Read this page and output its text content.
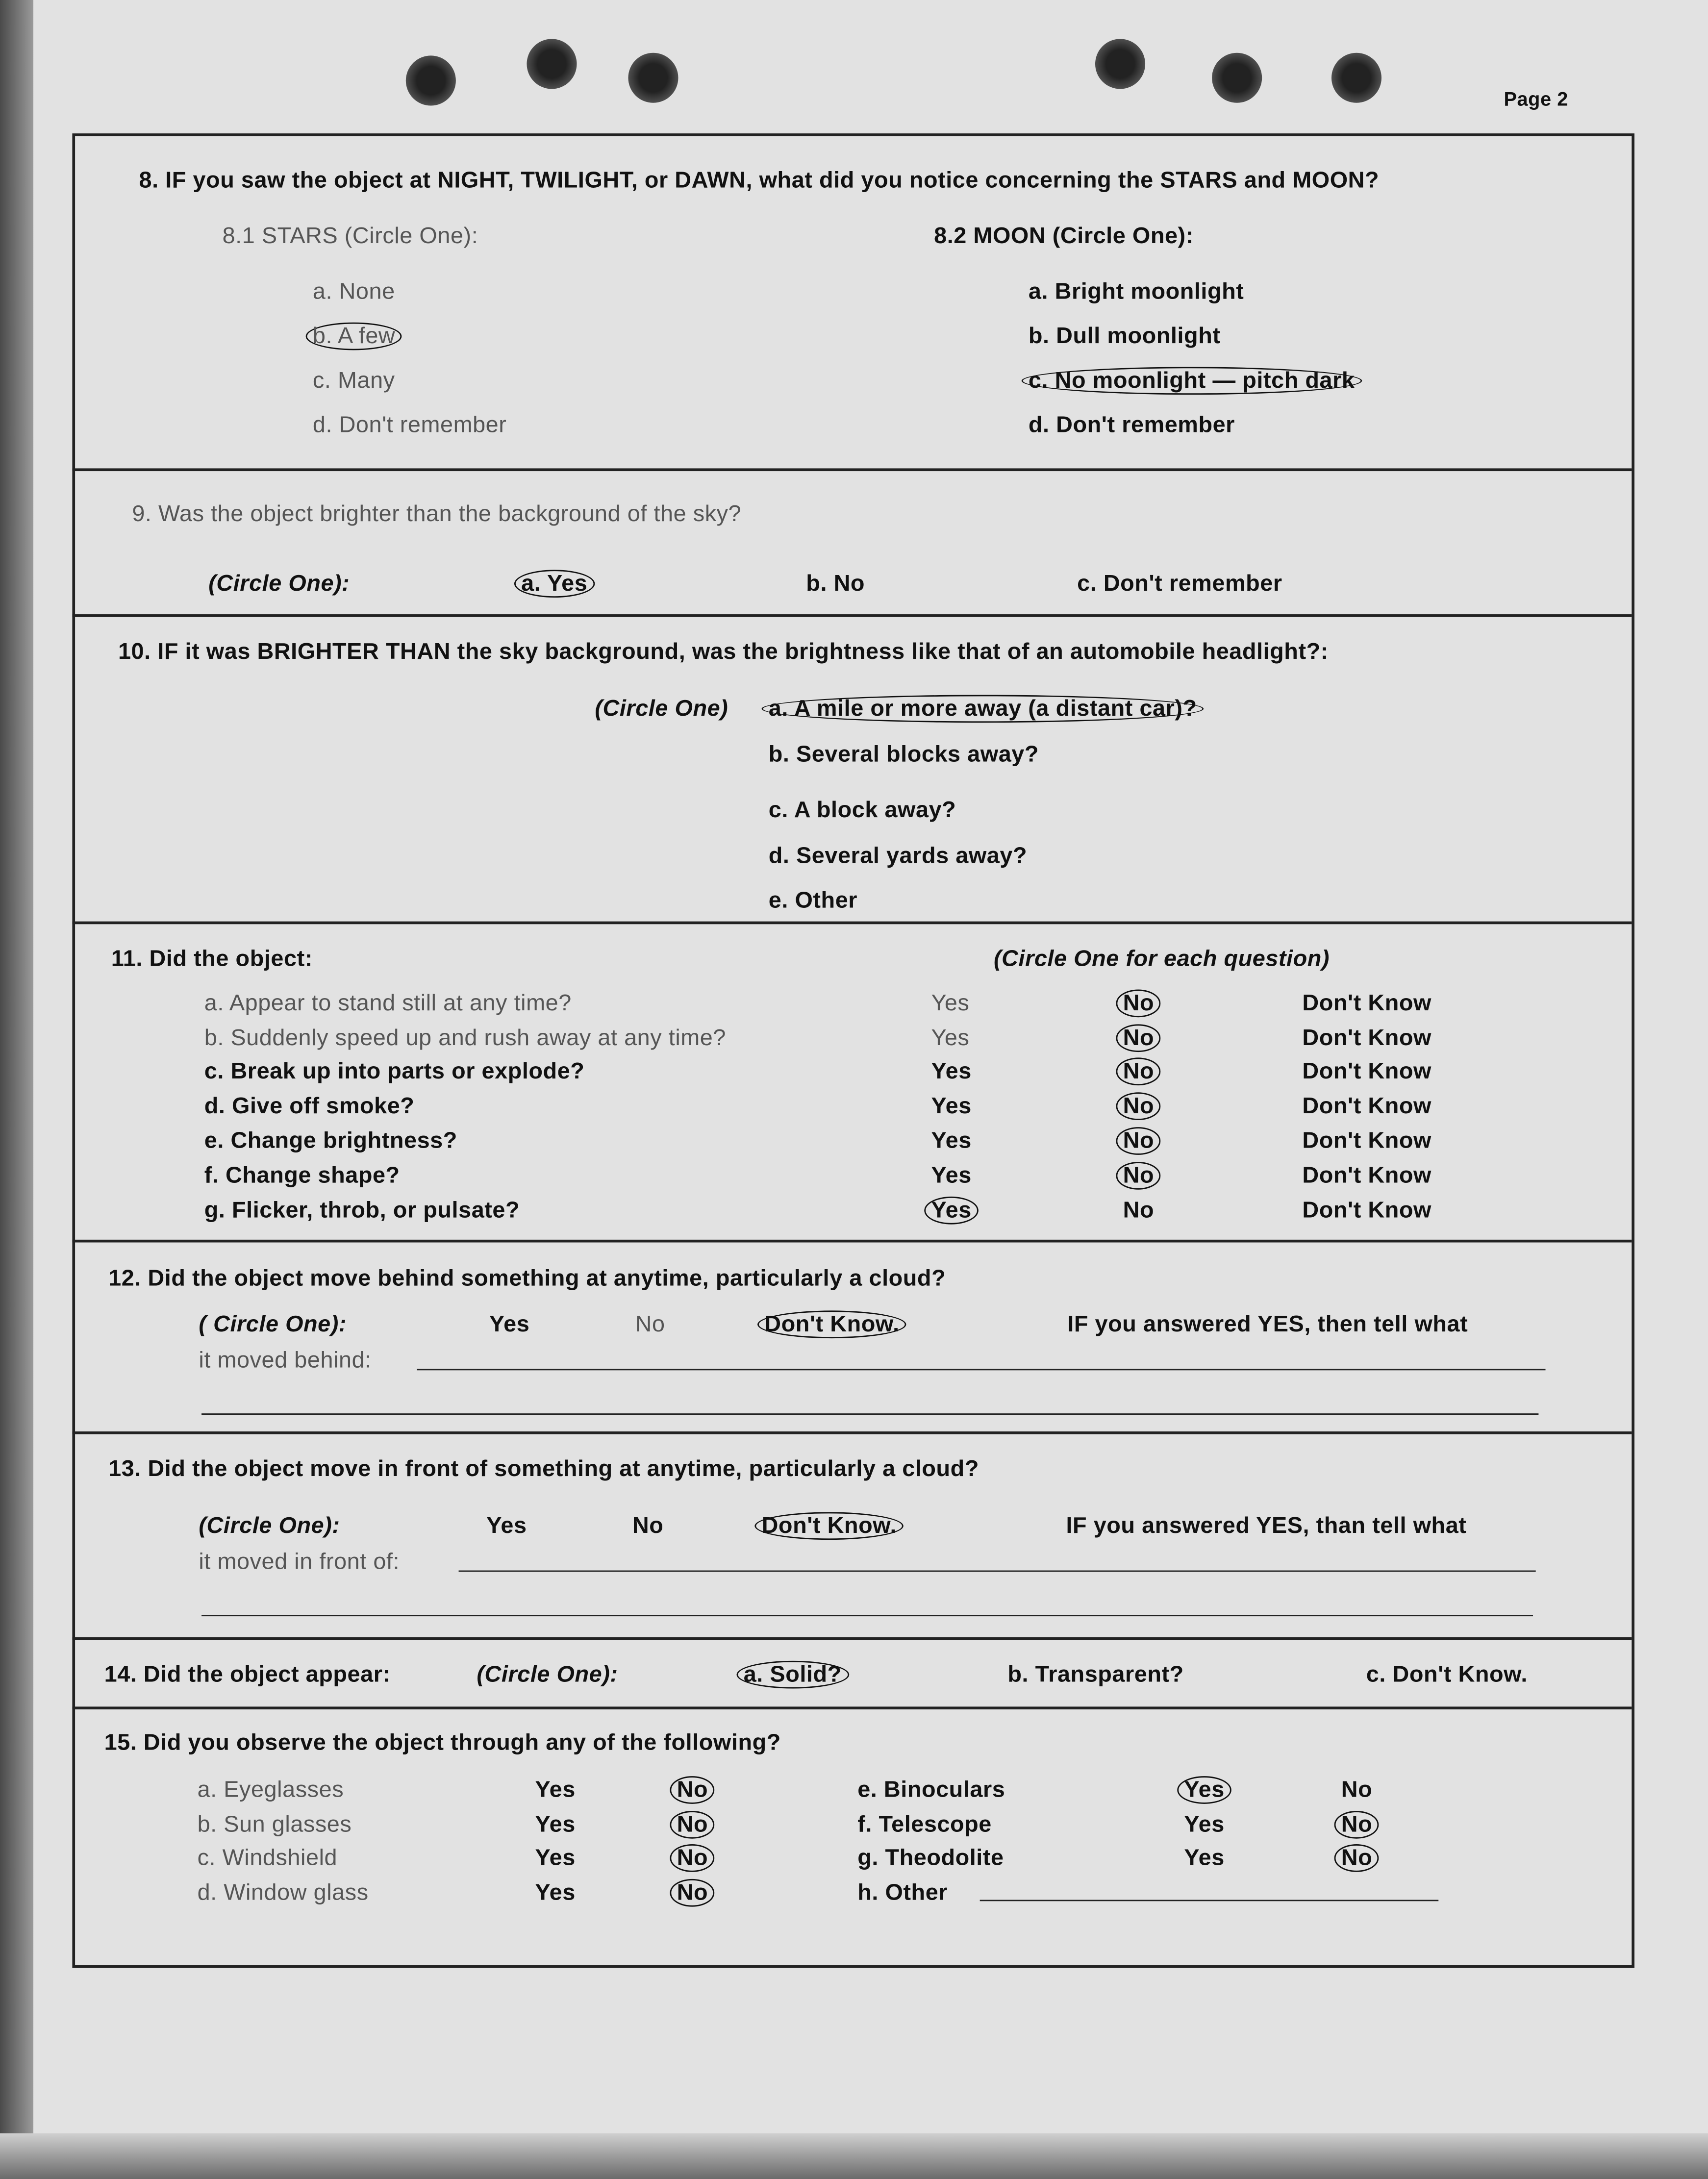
Page 2
8. IF you saw the object at NIGHT, TWILIGHT, or DAWN, what did you notice concerning the STARS and MOON?
8.1 STARS (Circle One):	8.2 MOON (Circle One):
9. Was the object brighter than the background of the sky?
(Circle One):
10. IF it was BRIGHTER THAN the sky background, was the brightness like that of an automobile headlight?:
(Circle One)
11. Did the object:	(Circle One for each question)
12. Did the object move behind something at anytime, particularly a cloud?
( Circle One):	IF you answered YES, then tell what
it moved behind:
13. Did the object move in front of something at anytime, particularly a cloud?
(Circle One):	IF you answered YES, than tell what
it moved in front of:
14. Did the object appear:	(Circle One):
15. Did you observe the object through any of the following?
a. None	a. Bright moonlight
b. A few	b. Dull moonlight
c. Many	c. No moonlight — pitch dark
d. Don't remember	d. Don't remember
a. Yes	b. No	c. Don't remember
a. A mile or more away (a distant car)?
b. Several blocks away?
c. A block away?
d. Several yards away?
e. Other
a. Appear to stand still at any time?	Yes	No	Don't Know
b. Suddenly speed up and rush away at any time?	Yes	No	Don't Know
c. Break up into parts or explode?	Yes	No	Don't Know
d. Give off smoke?	Yes	No	Don't Know
e. Change brightness?	Yes	No	Don't Know
f. Change shape?	Yes	No	Don't Know
g. Flicker, throb, or pulsate?	Yes	No	Don't Know
Yes	No	Don't Know.
Yes	No	Don't Know.
a. Solid?	b. Transparent?	c. Don't Know.
a. Eyeglasses	Yes	No	e. Binoculars	Yes	No
b. Sun glasses	Yes	No	f. Telescope	Yes	No
c. Windshield	Yes	No	g. Theodolite	Yes	No
d. Window glass	Yes	No	h. Other
